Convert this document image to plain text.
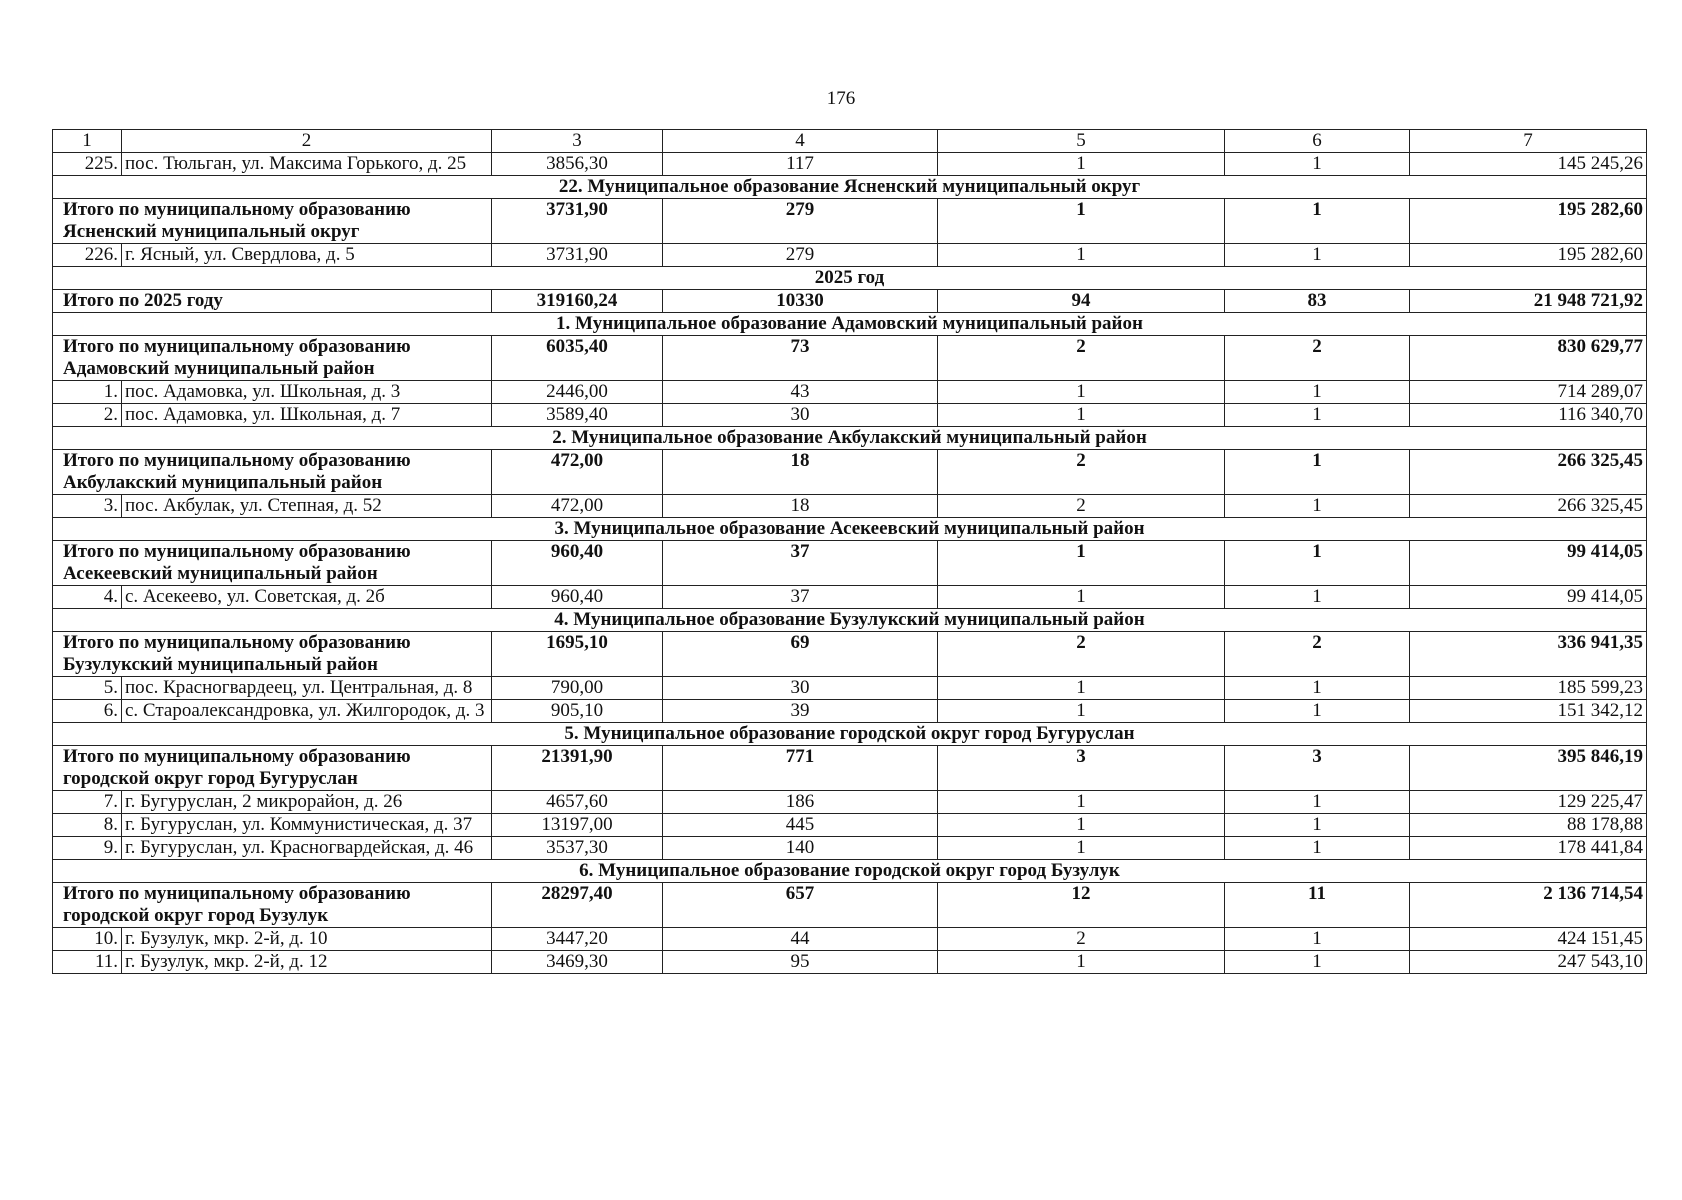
176
1	2	3	4	5	6	7
225.	пос. Тюльган, ул. Максима Горького, д. 25	3856,30	117	1	1	145 245,26
22. Муниципальное образование Ясненский муниципальный округ						
Итого по муниципальному образованию Ясненский муниципальный округ		3731,90	279	1	1	195 282,60
226.	г. Ясный, ул. Свердлова, д. 5	3731,90	279	1	1	195 282,60
2025 год						
Итого по 2025 году		319160,24	10330	94	83	21 948 721,92
1. Муниципальное образование Адамовский муниципальный район						
Итого по муниципальному образованию Адамовский муниципальный район		6035,40	73	2	2	830 629,77
1.	пос. Адамовка, ул. Школьная, д. 3	2446,00	43	1	1	714 289,07
2.	пос. Адамовка, ул. Школьная, д. 7	3589,40	30	1	1	116 340,70
2. Муниципальное образование Акбулакский муниципальный район						
Итого по муниципальному образованию Акбулакский муниципальный район		472,00	18	2	1	266 325,45
3.	пос. Акбулак, ул. Степная, д. 52	472,00	18	2	1	266 325,45
3. Муниципальное образование Асекеевский муниципальный район						
Итого по муниципальному образованию Асекеевский муниципальный район		960,40	37	1	1	99 414,05
4.	с. Асекеево, ул. Советская, д. 2б	960,40	37	1	1	99 414,05
4. Муниципальное образование Бузулукский муниципальный район						
Итого по муниципальному образованию Бузулукский муниципальный район		1695,10	69	2	2	336 941,35
5.	пос. Красногвардеец, ул. Центральная, д. 8	790,00	30	1	1	185 599,23
6.	с. Староалександровка, ул. Жилгородок, д. 3	905,10	39	1	1	151 342,12
5. Муниципальное образование городской округ город Бугуруслан						
Итого по муниципальному образованию городской округ город Бугуруслан		21391,90	771	3	3	395 846,19
7.	г. Бугуруслан, 2 микрорайон, д. 26	4657,60	186	1	1	129 225,47
8.	г. Бугуруслан, ул. Коммунистическая, д. 37	13197,00	445	1	1	88 178,88
9.	г. Бугуруслан, ул. Красногвардейская, д. 46	3537,30	140	1	1	178 441,84
6. Муниципальное образование городской округ город Бузулук						
Итого по муниципальному образованию городской округ город Бузулук		28297,40	657	12	11	2 136 714,54
10.	г. Бузулук, мкр. 2-й, д. 10	3447,20	44	2	1	424 151,45
11.	г. Бузулук, мкр. 2-й, д. 12	3469,30	95	1	1	247 543,10
